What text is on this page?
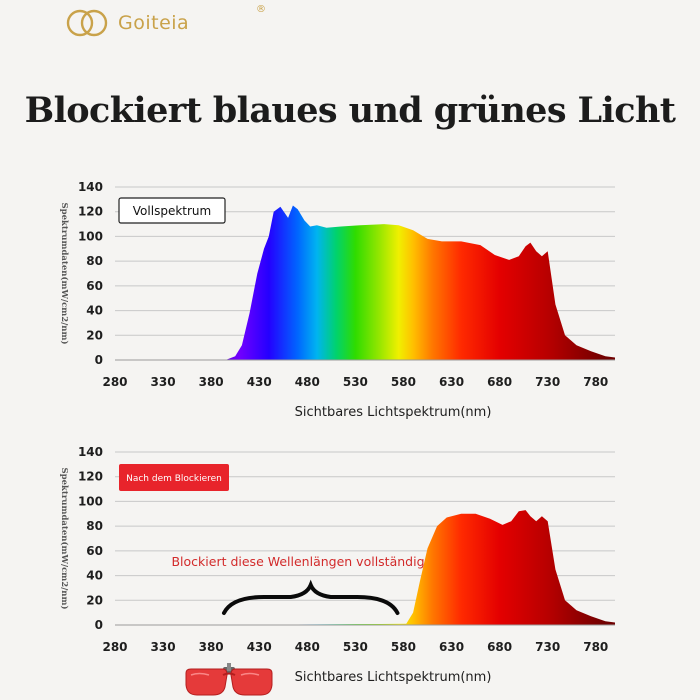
Goiteia
®
Blockiert blaues und grünes Licht
0
20
40
60
80
100
120
140
280 330 380 430 480 530 580 630 680 730 780
Spektrumdaten(mW/cm2/nm)
Sichtbares Lichtspektrum(nm)
Vollspektrum
0
20
40
60
80
100
120
140
280 330 380 430 480 530 580 630 680 730 780
Spektrumdaten(mW/cm2/nm)
Sichtbares Lichtspektrum(nm)
Nach dem Blockieren
Blockiert diese Wellenlängen vollständig
